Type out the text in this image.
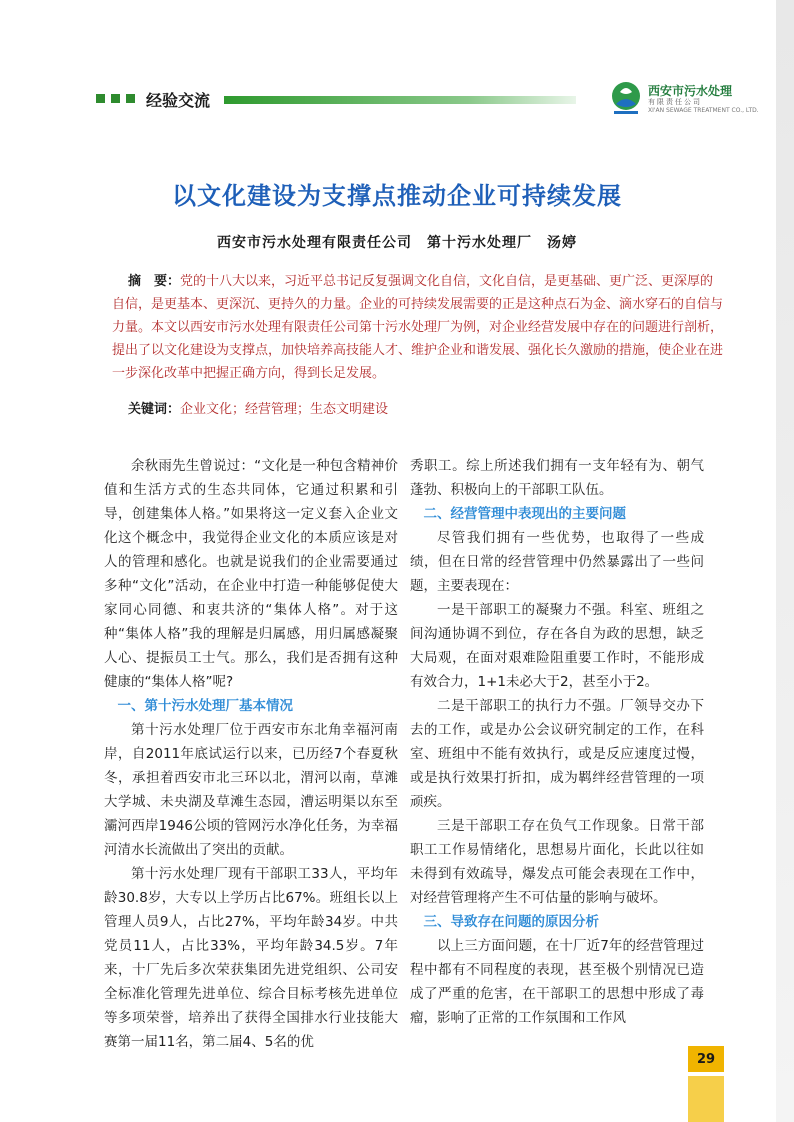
经验交流	西安市污水处理
有限责任公司
XI'AN SEWAGE TREATMENT CO., LTD.
以文化建设为支撑点推动企业可持续发展
西安市污水处理有限责任公司　第十污水处理厂　汤婷
摘　要：党的十八大以来，习近平总书记反复强调文化自信，文化自信，是更基础、更广泛、更深厚的自信，是更基本、更深沉、更持久的力量。企业的可持续发展需要的正是这种点石为金、滴水穿石的自信与力量。本文以西安市污水处理有限责任公司第十污水处理厂为例，对企业经营发展中存在的问题进行剖析，提出了以文化建设为支撑点，加快培养高技能人才、维护企业和谐发展、强化长久激励的措施，使企业在进一步深化改革中把握正确方向，得到长足发展。
关键词：企业文化；经营管理；生态文明建设

余秋雨先生曾说过：“文化是一种包含精神价值和生活方式的生态共同体，它通过积累和引导，创建集体人格。”如果将这一定义套入企业文化这个概念中，我觉得企业文化的本质应该是对人的管理和感化。也就是说我们的企业需要通过多种“文化”活动，在企业中打造一种能够促使大家同心同德、和衷共济的“集体人格”。对于这种“集体人格”我的理解是归属感，用归属感凝聚人心、提振员工士气。那么，我们是否拥有这种健康的“集体人格”呢?

一、第十污水处理厂基本情况

第十污水处理厂位于西安市东北角幸福河南岸，自2011年底试运行以来，已历经7个春夏秋冬，承担着西安市北三环以北，渭河以南，草滩大学城、未央湖及草滩生态园，漕运明渠以东至灞河西岸1946公顷的管网污水净化任务，为幸福河清水长流做出了突出的贡献。

第十污水处理厂现有干部职工33人，平均年龄30.8岁，大专以上学历占比67%。班组长以上管理人员9人，占比27%，平均年龄34岁。中共党员11人，占比33%，平均年龄34.5岁。7年来，十厂先后多次荣获集团先进党组织、公司安全标准化管理先进单位、综合目标考核先进单位等多项荣誉，培养出了获得全国排水行业技能大赛第一届11名，第二届4、5名的优

秀职工。综上所述我们拥有一支年轻有为、朝气蓬勃、积极向上的干部职工队伍。

二、经营管理中表现出的主要问题

尽管我们拥有一些优势，也取得了一些成绩，但在日常的经营管理中仍然暴露出了一些问题，主要表现在：

一是干部职工的凝聚力不强。科室、班组之间沟通协调不到位，存在各自为政的思想，缺乏大局观，在面对艰难险阻重要工作时，不能形成有效合力，1+1未必大于2，甚至小于2。

二是干部职工的执行力不强。厂领导交办下去的工作，或是办公会议研究制定的工作，在科室、班组中不能有效执行，或是反应速度过慢，或是执行效果打折扣，成为羁绊经营管理的一项顽疾。

三是干部职工存在负气工作现象。日常干部职工工作易情绪化，思想易片面化，长此以往如未得到有效疏导，爆发点可能会表现在工作中，对经营管理将产生不可估量的影响与破坏。

三、导致存在问题的原因分析

以上三方面问题，在十厂近7年的经营管理过程中都有不同程度的表现，甚至极个别情况已造成了严重的危害，在干部职工的思想中形成了毒瘤，影响了正常的工作氛围和工作风

29
